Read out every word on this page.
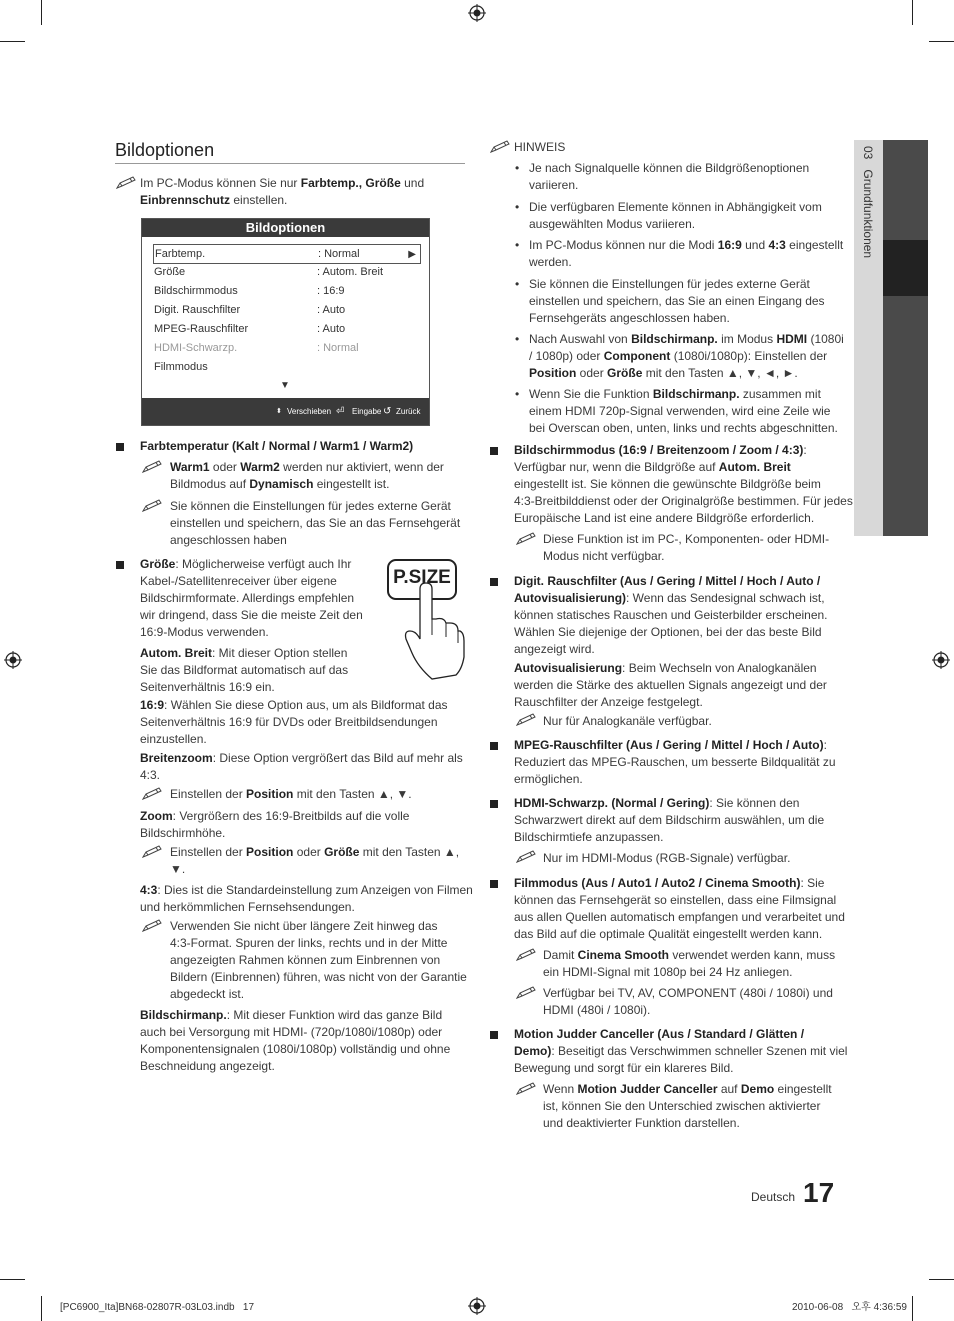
03   Grundfunktionen
Bildoptionen
Im PC-Modus können Sie nur Farbtemp., Größe und
Einbrennschutz einstellen.
Bildoptionen
Farbtemp.	: Normal	▶
Größe	: Autom. Breit
Bildschirmmodus	: 16:9
Digit. Rauschfilter	: Auto
MPEG-Rauschfilter	: Auto
HDMI-Schwarzp.	: Normal
Filmmodus
▼
⬍ Verschieben ⏎ Eingabe ↺ Zurück
Farbtemperatur (Kalt / Normal / Warm1 / Warm2)
Warm1 oder Warm2 werden nur aktiviert, wenn der
Bildmodus auf Dynamisch eingestellt ist.
Sie können die Einstellungen für jedes externe Gerät
einstellen und speichern, das Sie an das Fernsehgerät
angeschlossen haben
Größe: Möglicherweise verfügt auch Ihr
Kabel-/Satellitenreceiver über eigene
Bildschirmformate. Allerdings empfehlen
wir dringend, dass Sie die meiste Zeit den
16:9-Modus verwenden.
P.SIZE
Autom. Breit: Mit dieser Option stellen
Sie das Bildformat automatisch auf das
Seitenverhältnis 16:9 ein.
16:9: Wählen Sie diese Option aus, um als Bildformat das
Seitenverhältnis 16:9 für DVDs oder Breitbildsendungen
einzustellen.
Breitenzoom: Diese Option vergrößert das Bild auf mehr als
4:3.
Einstellen der Position mit den Tasten ▲, ▼.
Zoom: Vergrößern des 16:9-Breitbilds auf die volle
Bildschirmhöhe.
Einstellen der Position oder Größe mit den Tasten ▲,
▼.
4:3: Dies ist die Standardeinstellung zum Anzeigen von Filmen
und herkömmlichen Fernsehsendungen.
Verwenden Sie nicht über längere Zeit hinweg das
4:3-Format. Spuren der links, rechts und in der Mitte
angezeigten Rahmen können zum Einbrennen von
Bildern (Einbrennen) führen, was nicht von der Garantie
abgedeckt ist.
Bildschirmanp.: Mit dieser Funktion wird das ganze Bild
auch bei Versorgung mit HDMI- (720p/1080i/1080p) oder
Komponentensignalen (1080i/1080p) vollständig und ohne
Beschneidung angezeigt.
HINWEIS
• Je nach Signalquelle können die Bildgrößenoptionen
variieren.
• Die verfügbaren Elemente können in Abhängigkeit vom
ausgewählten Modus variieren.
• Im PC-Modus können nur die Modi 16:9 und 4:3 eingestellt
werden.
• Sie können die Einstellungen für jedes externe Gerät
einstellen und speichern, das Sie an einen Eingang des
Fernsehgeräts angeschlossen haben.
• Nach Auswahl von Bildschirmanp. im Modus HDMI (1080i
/ 1080p) oder Component (1080i/1080p): Einstellen der
Position oder Größe mit den Tasten ▲, ▼, ◄, ►.
• Wenn Sie die Funktion Bildschirmanp. zusammen mit
einem HDMI 720p-Signal verwenden, wird eine Zeile wie
bei Overscan oben, unten, links und rechts abgeschnitten.
Bildschirmmodus (16:9 / Breitenzoom / Zoom / 4:3):
Verfügbar nur, wenn die Bildgröße auf Autom. Breit
eingestellt ist. Sie können die gewünschte Bildgröße beim
4:3-Breitbilddienst oder der Originalgröße bestimmen. Für jedes
Europäische Land ist eine andere Bildgröße erforderlich.
Diese Funktion ist im PC-, Komponenten- oder HDMI-
Modus nicht verfügbar.
Digit. Rauschfilter (Aus / Gering / Mittel / Hoch / Auto /
Autovisualisierung): Wenn das Sendesignal schwach ist,
können statisches Rauschen und Geisterbilder erscheinen.
Wählen Sie diejenige der Optionen, bei der das beste Bild
angezeigt wird.
Autovisualisierung: Beim Wechseln von Analogkanälen
werden die Stärke des aktuellen Signals angezeigt und der
Rauschfilter der Anzeige festgelegt.
Nur für Analogkanäle verfügbar.
MPEG-Rauschfilter (Aus / Gering / Mittel / Hoch / Auto):
Reduziert das MPEG-Rauschen, um besserte Bildqualität zu
ermöglichen.
HDMI-Schwarzp. (Normal / Gering): Sie können den
Schwarzwert direkt auf dem Bildschirm auswählen, um die
Bildschirmtiefe anzupassen.
Nur im HDMI-Modus (RGB-Signale) verfügbar.
Filmmodus (Aus / Auto1 / Auto2 / Cinema Smooth): Sie
können das Fernsehgerät so einstellen, dass eine Filmsignal
aus allen Quellen automatisch empfangen und verarbeitet und
das Bild auf die optimale Qualität eingestellt werden kann.
Damit Cinema Smooth verwendet werden kann, muss
ein HDMI-Signal mit 1080p bei 24 Hz anliegen.
Verfügbar bei TV, AV, COMPONENT (480i / 1080i) und
HDMI (480i / 1080i).
Motion Judder Canceller (Aus / Standard / Glätten /
Demo): Beseitigt das Verschwimmen schneller Szenen mit viel
Bewegung und sorgt für ein klareres Bild.
Wenn Motion Judder Canceller auf Demo eingestellt
ist, können Sie den Unterschied zwischen aktivierter
und deaktivierter Funktion darstellen.
Deutsch 17
[PC6900_Ita]BN68-02807R-03L03.indb   17	2010-06-08   오후 4:36:59
